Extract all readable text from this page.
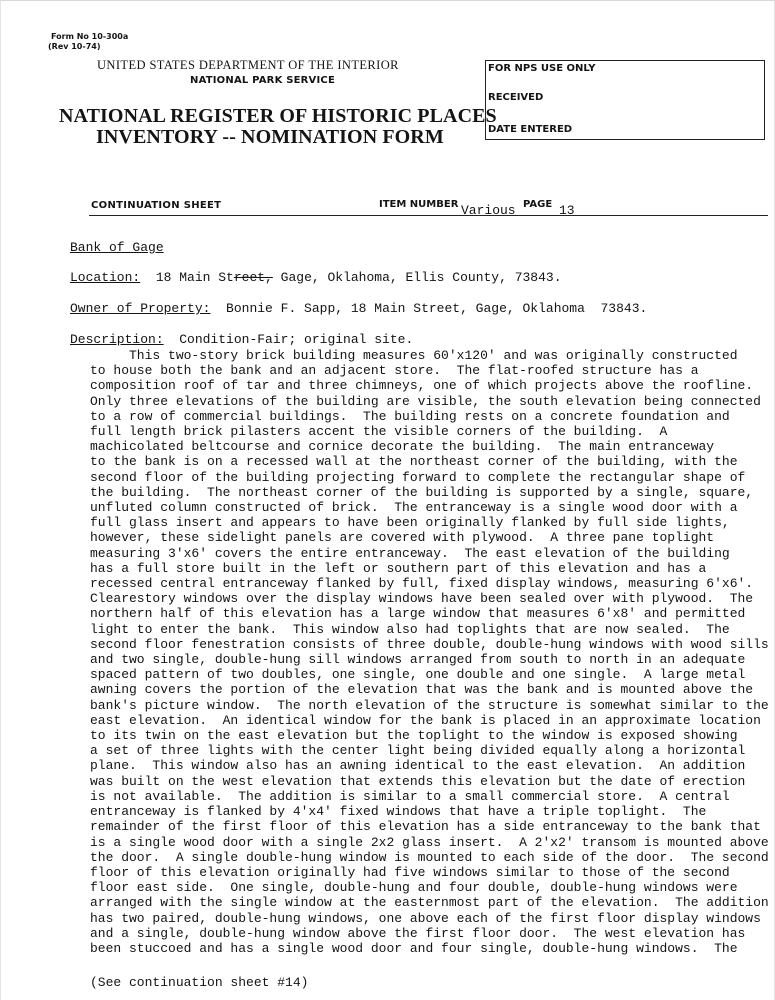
Form No 10-300a
(Rev 10-74)
UNITED STATES DEPARTMENT OF THE INTERIOR
NATIONAL PARK SERVICE
NATIONAL REGISTER OF HISTORIC PLACES
INVENTORY -- NOMINATION FORM
FOR NPS USE ONLY
RECEIVED
DATE ENTERED
CONTINUATION SHEET	ITEM NUMBER Various PAGE 13
Bank of Gage
Location:  18 Main Street, Gage, Oklahoma, Ellis County, 73843.
Owner of Property:  Bonnie F. Sapp, 18 Main Street, Gage, Oklahoma  73843.
Description:  Condition-Fair; original site.
This two-story brick building measures 60'x120' and was originally constructed
to house both the bank and an adjacent store.  The flat-roofed structure has a
composition roof of tar and three chimneys, one of which projects above the roofline.
Only three elevations of the building are visible, the south elevation being connected
to a row of commercial buildings.  The building rests on a concrete foundation and
full length brick pilasters accent the visible corners of the building.  A
machicolated beltcourse and cornice decorate the building.  The main entranceway
to the bank is on a recessed wall at the northeast corner of the building, with the
second floor of the building projecting forward to complete the rectangular shape of
the building.  The northeast corner of the building is supported by a single, square,
unfluted column constructed of brick.  The entranceway is a single wood door with a
full glass insert and appears to have been originally flanked by full side lights,
however, these sidelight panels are covered with plywood.  A three pane toplight
measuring 3'x6' covers the entire entranceway.  The east elevation of the building
has a full store built in the left or southern part of this elevation and has a
recessed central entranceway flanked by full, fixed display windows, measuring 6'x6'.
Clearestory windows over the display windows have been sealed over with plywood.  The
northern half of this elevation has a large window that measures 6'x8' and permitted
light to enter the bank.  This window also had toplights that are now sealed.  The
second floor fenestration consists of three double, double-hung windows with wood sills
and two single, double-hung sill windows arranged from south to north in an adequate
spaced pattern of two doubles, one single, one double and one single.  A large metal
awning covers the portion of the elevation that was the bank and is mounted above the
bank's picture window.  The north elevation of the structure is somewhat similar to the
east elevation.  An identical window for the bank is placed in an approximate location
to its twin on the east elevation but the toplight to the window is exposed showing
a set of three lights with the center light being divided equally along a horizontal
plane.  This window also has an awning identical to the east elevation.  An addition
was built on the west elevation that extends this elevation but the date of erection
is not available.  The addition is similar to a small commercial store.  A central
entranceway is flanked by 4'x4' fixed windows that have a triple toplight.  The
remainder of the first floor of this elevation has a side entranceway to the bank that
is a single wood door with a single 2x2 glass insert.  A 2'x2' transom is mounted above
the door.  A single double-hung window is mounted to each side of the door.  The second
floor of this elevation originally had five windows similar to those of the second
floor east side.  One single, double-hung and four double, double-hung windows were
arranged with the single window at the easternmost part of the elevation.  The addition
has two paired, double-hung windows, one above each of the first floor display windows
and a single, double-hung window above the first floor door.  The west elevation has
been stuccoed and has a single wood door and four single, double-hung windows.  The
(See continuation sheet #14)
